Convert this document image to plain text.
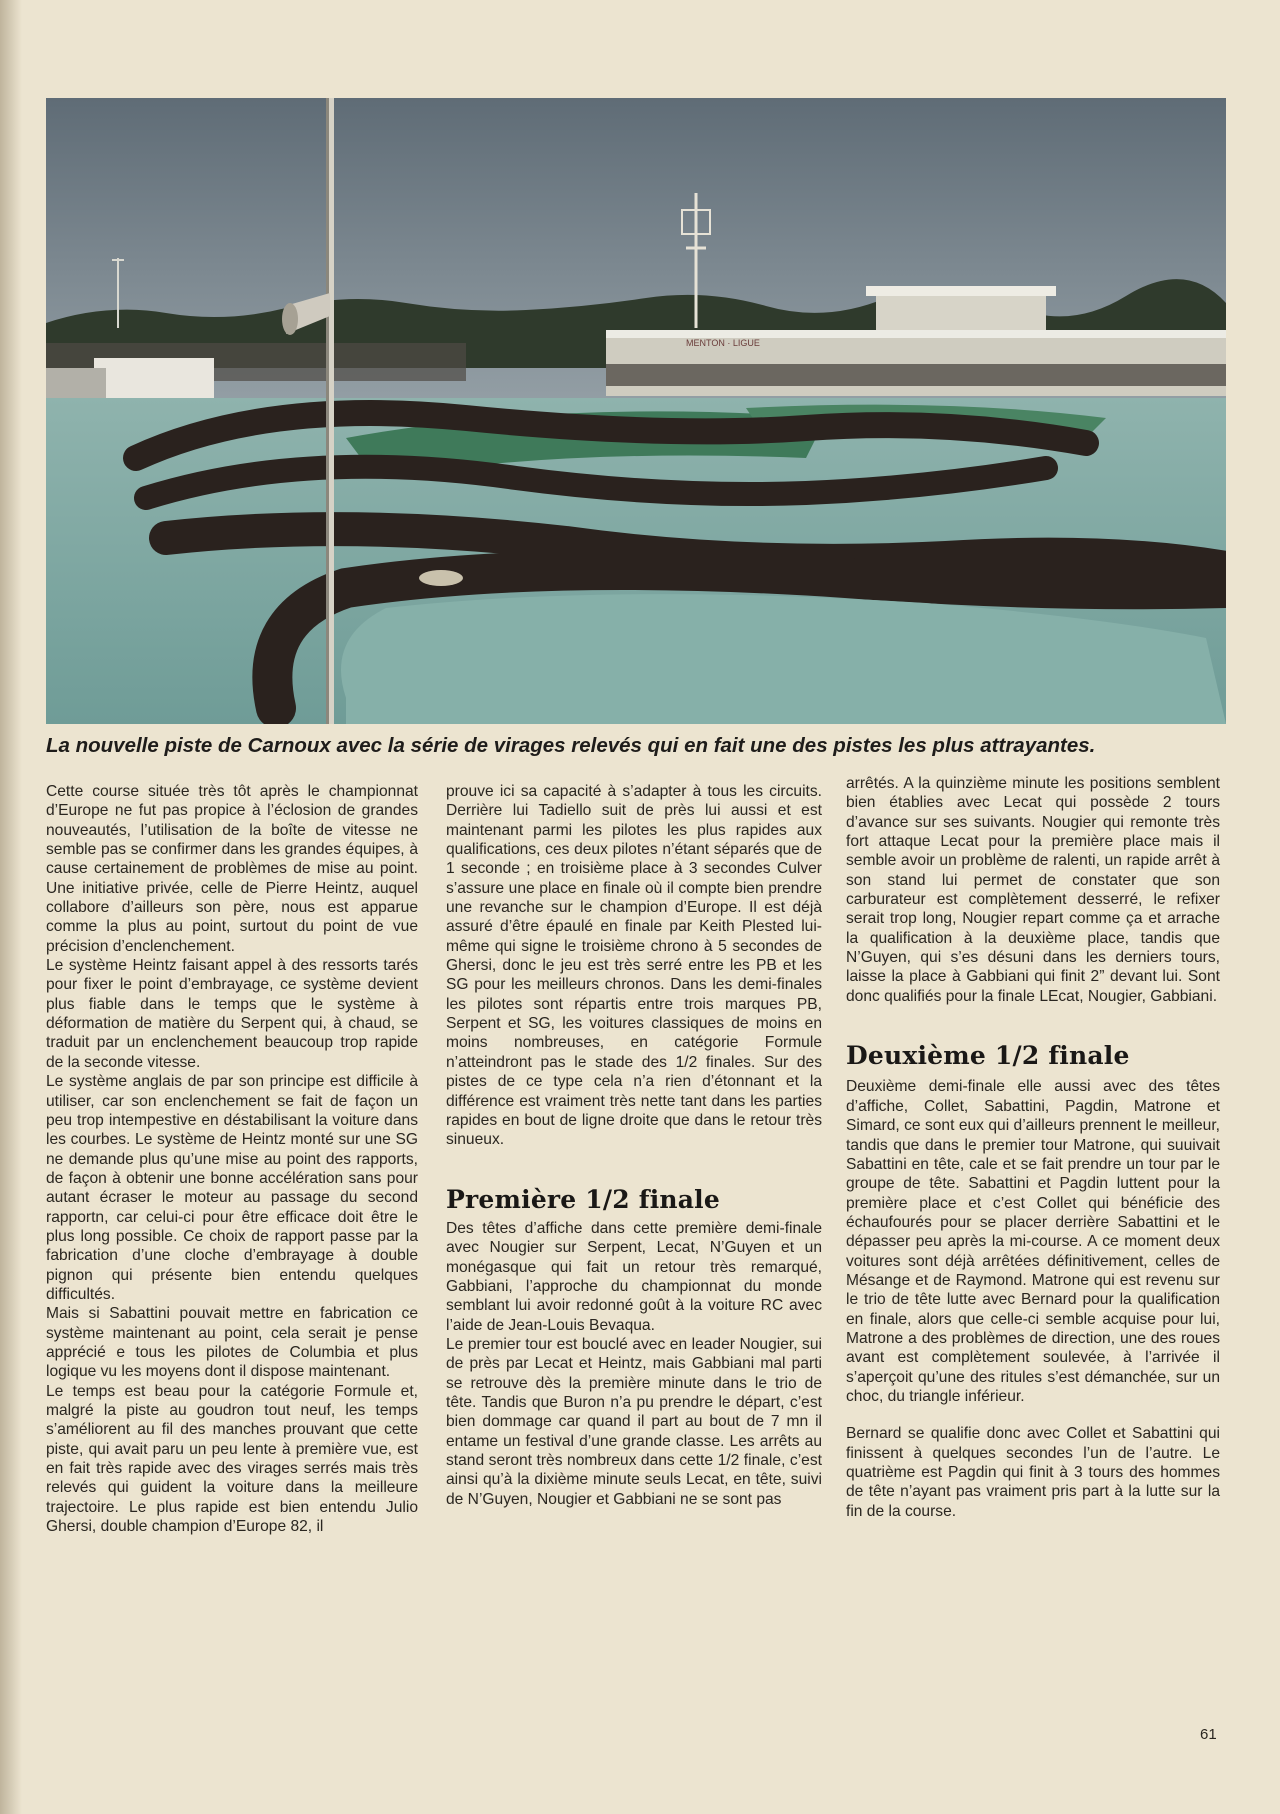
MENTON · LIGUE
La nouvelle piste de Carnoux avec la série de virages relevés qui en fait une des pistes les plus attrayantes.

Cette course située très tôt après le championnat d’Europe ne fut pas propice à l’éclosion de grandes nouveautés, l’utilisation de la boîte de vitesse ne semble pas se confirmer dans les grandes équipes, à cause certainement de problèmes de mise au point. Une initiative privée, celle de Pierre Heintz, auquel collabore d’ailleurs son père, nous est apparue comme la plus au point, surtout du point de vue précision d’enclenchement.

Le système Heintz faisant appel à des ressorts tarés pour fixer le point d’embrayage, ce système devient plus fiable dans le temps que le système à déformation de matière du Serpent qui, à chaud, se traduit par un enclenchement beaucoup trop rapide de la seconde vitesse.

Le système anglais de par son principe est difficile à utiliser, car son enclenchement se fait de façon un peu trop intempestive en déstabilisant la voiture dans les courbes. Le système de Heintz monté sur une SG ne demande plus qu’une mise au point des rapports, de façon à obtenir une bonne accélération sans pour autant écraser le moteur au passage du second rapportn, car celui-ci pour être efficace doit être le plus long possible. Ce choix de rapport passe par la fabrication d’une cloche d’embrayage à double pignon qui présente bien entendu quelques difficultés.

Mais si Sabattini pouvait mettre en fabrication ce système maintenant au point, cela serait je pense apprécié e tous les pilotes de Columbia et plus logique vu les moyens dont il dispose maintenant.

Le temps est beau pour la catégorie Formule et, malgré la piste au goudron tout neuf, les temps s’améliorent au fil des manches prouvant que cette piste, qui avait paru un peu lente à première vue, est en fait très rapide avec des virages serrés mais très relevés qui guident la voiture dans la meilleure trajectoire. Le plus rapide est bien entendu Julio Ghersi, double champion d’Europe 82, il

prouve ici sa capacité à s’adapter à tous les circuits. Derrière lui Tadiello suit de près lui aussi et est maintenant parmi les pilotes les plus rapides aux qualifications, ces deux pilotes n’étant séparés que de 1 seconde ; en troisième place à 3 secondes Culver s’assure une place en finale où il compte bien prendre une revanche sur le champion d’Europe. Il est déjà assuré d’être épaulé en finale par Keith Plested lui-même qui signe le troisième chrono à 5 secondes de Ghersi, donc le jeu est très serré entre les PB et les SG pour les meilleurs chronos. Dans les demi-finales les pilotes sont répartis entre trois marques PB, Serpent et SG, les voitures classiques de moins en moins nombreuses, en catégorie Formule n’atteindront pas le stade des 1/2 finales. Sur des pistes de ce type cela n’a rien d’étonnant et la différence est vraiment très nette tant dans les parties rapides en bout de ligne droite que dans le retour très sinueux.

Première 1/2 finale

Des têtes d’affiche dans cette première demi-finale avec Nougier sur Serpent, Lecat, N’Guyen et un monégasque qui fait un retour très remarqué, Gabbiani, l’approche du championnat du monde semblant lui avoir redonné goût à la voiture RC avec l’aide de Jean-Louis Bevaqua.

Le premier tour est bouclé avec en leader Nougier, sui de près par Lecat et Heintz, mais Gabbiani mal parti se retrouve dès la première minute dans le trio de tête. Tandis que Buron n’a pu prendre le départ, c’est bien dommage car quand il part au bout de 7 mn il entame un festival d’une grande classe. Les arrêts au stand seront très nombreux dans cette 1/2 finale, c’est ainsi qu’à la dixième minute seuls Lecat, en tête, suivi de N’Guyen, Nougier et Gabbiani ne se sont pas

arrêtés. A la quinzième minute les positions semblent bien établies avec Lecat qui possède 2 tours d’avance sur ses suivants. Nougier qui remonte très fort attaque Lecat pour la première place mais il semble avoir un problème de ralenti, un rapide arrêt à son stand lui permet de constater que son carburateur est complètement desserré, le refixer serait trop long, Nougier repart comme ça et arrache la qualification à la deuxième place, tandis que N’Guyen, qui s’es désuni dans les derniers tours, laisse la place à Gabbiani qui finit 2” devant lui. Sont donc qualifiés pour la finale LEcat, Nougier, Gabbiani.

Deuxième 1/2 finale

Deuxième demi-finale elle aussi avec des têtes d’affiche, Collet, Sabattini, Pagdin, Matrone et Simard, ce sont eux qui d’ailleurs prennent le meilleur, tandis que dans le premier tour Matrone, qui suuivait Sabattini en tête, cale et se fait prendre un tour par le groupe de tête. Sabattini et Pagdin luttent pour la première place et c’est Collet qui bénéficie des échaufourés pour se placer derrière Sabattini et le dépasser peu après la mi-course. A ce moment deux voitures sont déjà arrêtées définitivement, celles de Mésange et de Raymond. Matrone qui est revenu sur le trio de tête lutte avec Bernard pour la qualification en finale, alors que celle-ci semble acquise pour lui, Matrone a des problèmes de direction, une des roues avant est complètement soulevée, à l’arrivée il s’aperçoit qu’une des ritules s’est démanchée, sur un choc, du triangle inférieur.

Bernard se qualifie donc avec Collet et Sabattini qui finissent à quelques secondes l’un de l’autre. Le quatrième est Pagdin qui finit à 3 tours des hommes de tête n’ayant pas vraiment pris part à la lutte sur la fin de la course.

61
